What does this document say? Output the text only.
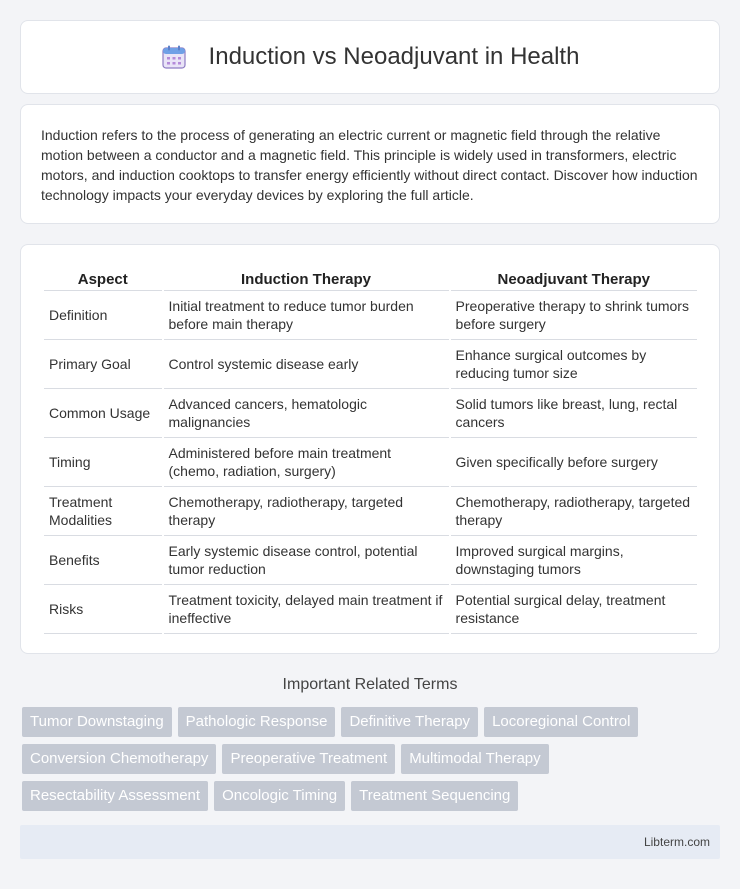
Induction vs Neoadjuvant in Health

Induction refers to the process of generating an electric current or magnetic field through the relative motion between a conductor and a magnetic field. This principle is widely used in transformers, electric motors, and induction cooktops to transfer energy efficiently without direct contact. Discover how induction technology impacts your everyday devices by exploring the full article.

Aspect	Induction Therapy	Neoadjuvant Therapy
Definition	Initial treatment to reduce tumor burden before main therapy	Preoperative therapy to shrink tumors before surgery
Primary Goal	Control systemic disease early	Enhance surgical outcomes by reducing tumor size
Common Usage	Advanced cancers, hematologic malignancies	Solid tumors like breast, lung, rectal cancers
Timing	Administered before main treatment (chemo, radiation, surgery)	Given specifically before surgery
Treatment Modalities	Chemotherapy, radiotherapy, targeted therapy	Chemotherapy, radiotherapy, targeted therapy
Benefits	Early systemic disease control, potential tumor reduction	Improved surgical margins, downstaging tumors
Risks	Treatment toxicity, delayed main treatment if ineffective	Potential surgical delay, treatment resistance
Important Related Terms
Tumor Downstaging	Pathologic Response	Definitive Therapy	Locoregional Control
Conversion Chemotherapy	Preoperative Treatment	Multimodal Therapy
Resectability Assessment	Oncologic Timing	Treatment Sequencing
Libterm.com
